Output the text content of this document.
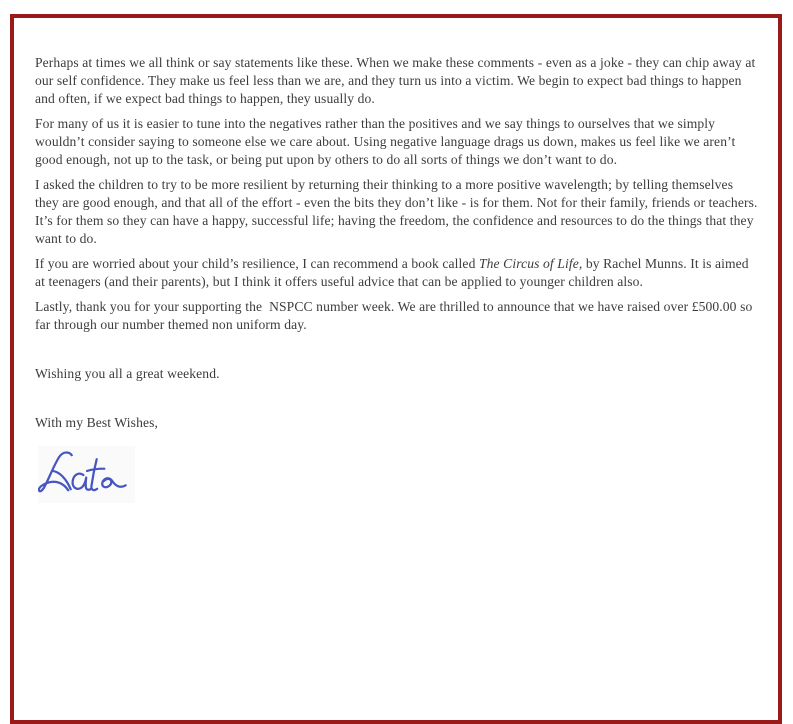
Perhaps at times we all think or say statements like these. When we make these comments - even as a joke - they can chip away at our self confidence. They make us feel less than we are, and they turn us into a victim. We begin to expect bad things to happen and often, if we expect bad things to happen, they usually do.

For many of us it is easier to tune into the negatives rather than the positives and we say things to ourselves that we simply wouldn’t consider saying to someone else we care about. Using negative language drags us down, makes us feel like we aren’t good enough, not up to the task, or being put upon by others to do all sorts of things we don’t want to do.

I asked the children to try to be more resilient by returning their thinking to a more positive wavelength; by telling themselves they are good enough, and that all of the effort - even the bits they don’t like - is for them. Not for their family, friends or teachers. It’s for them so they can have a happy, successful life; having the freedom, the confidence and resources to do the things that they want to do.

If you are worried about your child’s resilience, I can recommend a book called The Circus of Life, by Rachel Munns. It is aimed at teenagers (and their parents), but I think it offers useful advice that can be applied to younger children also.

Lastly, thank you for your supporting the  NSPCC number week. We are thrilled to announce that we have raised over £500.00 so far through our number themed non uniform day.

Wishing you all a great weekend.

With my Best Wishes,
